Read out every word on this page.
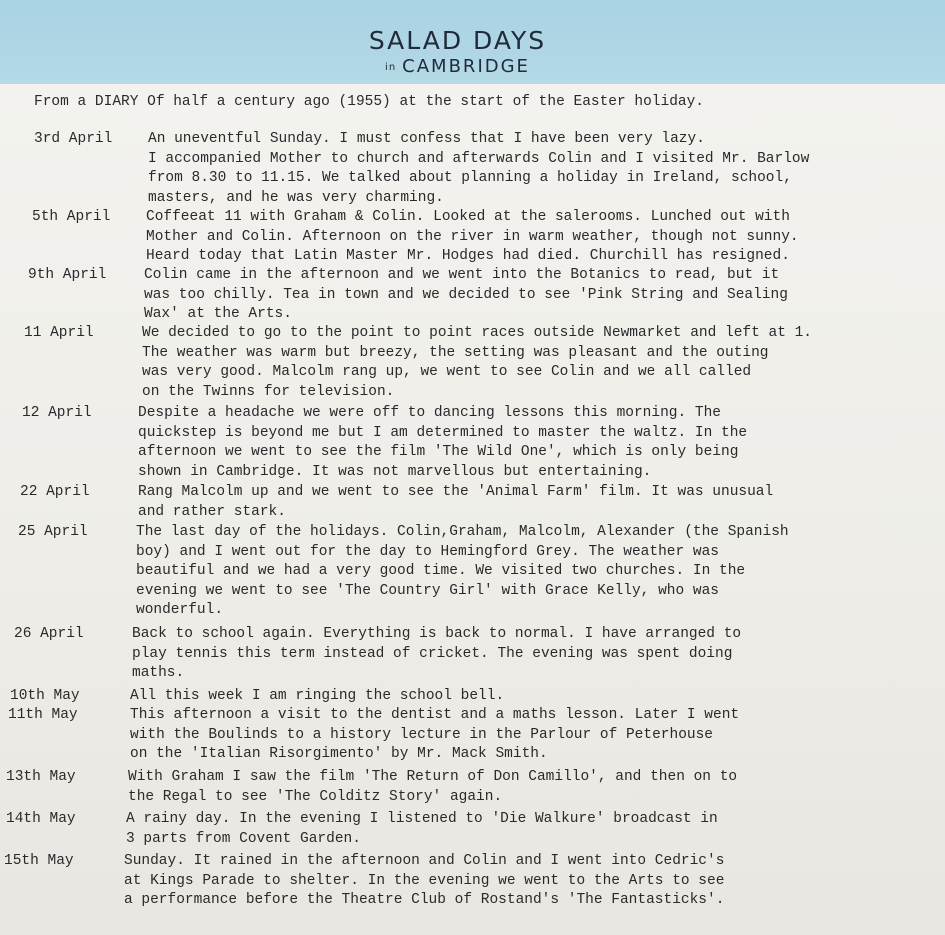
SALAD DAYS
in CAMBRIDGE
From a DIARY Of half a century ago (1955) at the start of the Easter holiday.
3rd April An uneventful Sunday. I must confess that I have been very lazy.
I accompanied Mother to church and afterwards Colin and I visited Mr. Barlow
from 8.30 to 11.15. We talked about planning a holiday in Ireland, school,
masters, and he was very charming.
5th April Coffeeat 11 with Graham & Colin. Looked at the salerooms. Lunched out with
Mother and Colin. Afternoon on the river in warm weather, though not sunny.
Heard today that Latin Master Mr. Hodges had died. Churchill has resigned.
9th April	Colin came in the afternoon and we went into the Botanics to read, but it
was too chilly. Tea in town and we decided to see 'Pink String and Sealing
Wax' at the Arts.
11 April	We decided to go to the point to point races outside Newmarket and left at 1.
The weather was warm but breezy, the setting was pleasant and the outing
was very good. Malcolm rang up, we went to see Colin and we all called
on the Twinns for television.
12 April	Despite a headache we were off to dancing lessons this morning. The
quickstep is beyond me but I am determined to master the waltz. In the
afternoon we went to see the film 'The Wild One', which is only being
shown in Cambridge. It was not marvellous but entertaining.
22 April	Rang Malcolm up and we went to see the 'Animal Farm' film. It was unusual
and rather stark.
25 April	The last day of the holidays. Colin,Graham, Malcolm, Alexander (the Spanish
boy) and I went out for the day to Hemingford Grey. The weather was
beautiful and we had a very good time. We visited two churches. In the
evening we went to see 'The Country Girl' with Grace Kelly, who was
wonderful.
26 April	Back to school again. Everything is back to normal. I have arranged to
play tennis this term instead of cricket. The evening was spent doing
maths.
10th May	All this week I am ringing the school bell.
11th May	This afternoon a visit to the dentist and a maths lesson. Later I went
with the Boulinds to a history lecture in the Parlour of Peterhouse
on the 'Italian Risorgimento' by Mr. Mack Smith.
13th May	With Graham I saw the film 'The Return of Don Camillo', and then on to
the Regal to see 'The Colditz Story' again.
14th May	A rainy day. In the evening I listened to 'Die Walkure' broadcast in
3 parts from Covent Garden.
15th May	Sunday. It rained in the afternoon and Colin and I went into Cedric's
at Kings Parade to shelter. In the evening we went to the Arts to see
a performance before the Theatre Club of Rostand's 'The Fantasticks'.
